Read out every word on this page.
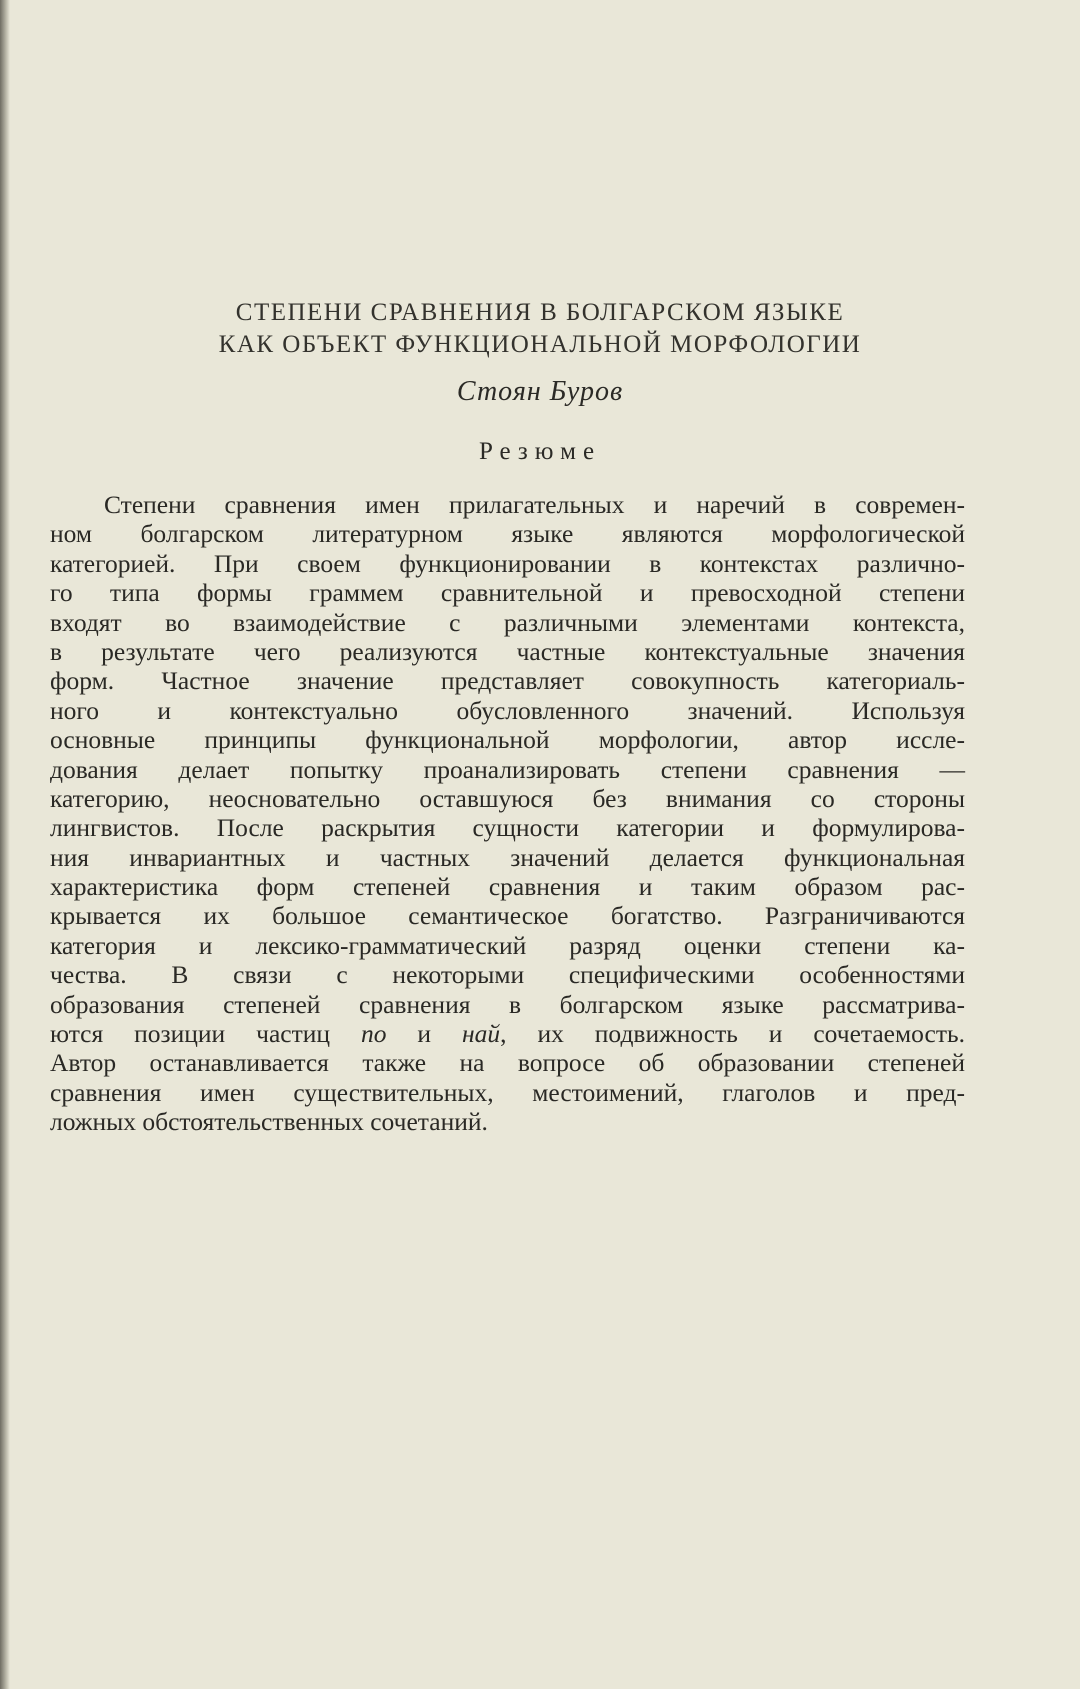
СТЕПЕНИ СРАВНЕНИЯ В БОЛГАРСКОМ ЯЗЫКЕ
КАК ОБЪЕКТ ФУНКЦИОНАЛЬНОЙ МОРФОЛОГИИ
Стоян Буров
Резюме
Степени сравнения имен прилагательных и наречий в современ-
ном болгарском литературном языке являются морфологической
категорией. При своем функционировании в контекстах различно-
го типа формы граммем сравнительной и превосходной степени
входят во взаимодействие с различными элементами контекста,
в результате чего реализуются частные контекстуальные значения
форм. Частное значение представляет совокупность категориаль-
ного и контекстуально обусловленного значений. Используя
основные принципы функциональной морфологии, автор иссле-
дования делает попытку проанализировать степени сравнения —
категорию, неосновательно оставшуюся без внимания со стороны
лингвистов. После раскрытия сущности категории и формулирова-
ния инвариантных и частных значений делается функциональная
характеристика форм степеней сравнения и таким образом рас-
крывается их большое семантическое богатство. Разграничиваются
категория и лексико-грамматический разряд оценки степени ка-
чества. В связи с некоторыми специфическими особенностями
образования степеней сравнения в болгарском языке рассматрива-
ются позиции частиц по и най, их подвижность и сочетаемость.
Автор останавливается также на вопросе об образовании степеней
сравнения имен существительных, местоимений, глаголов и пред-
ложных обстоятельственных сочетаний.
